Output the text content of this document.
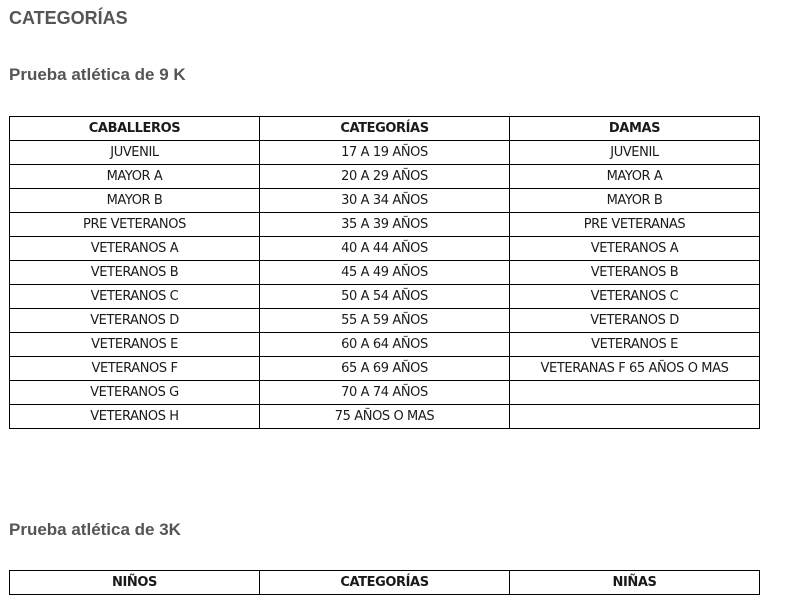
CATEGORÍAS
Prueba atlética de 9 K
CABALLEROS	CATEGORÍAS	DAMAS
JUVENIL	17 A 19 AÑOS	JUVENIL
MAYOR A	20 A 29 AÑOS	MAYOR A
MAYOR B	30 A 34 AÑOS	MAYOR B
PRE VETERANOS	35 A 39 AÑOS	PRE VETERANAS
VETERANOS A	40 A 44 AÑOS	VETERANOS A
VETERANOS B	45 A 49 AÑOS	VETERANOS B
VETERANOS C	50 A 54 AÑOS	VETERANOS C
VETERANOS D	55 A 59 AÑOS	VETERANOS D
VETERANOS E	60 A 64 AÑOS	VETERANOS E
VETERANOS F	65 A 69 AÑOS	VETERANAS F 65 AÑOS O MAS
VETERANOS G	70 A 74 AÑOS	
VETERANOS H	75 AÑOS O MAS	
Prueba atlética de 3K
NIÑOS	CATEGORÍAS	NIÑAS
